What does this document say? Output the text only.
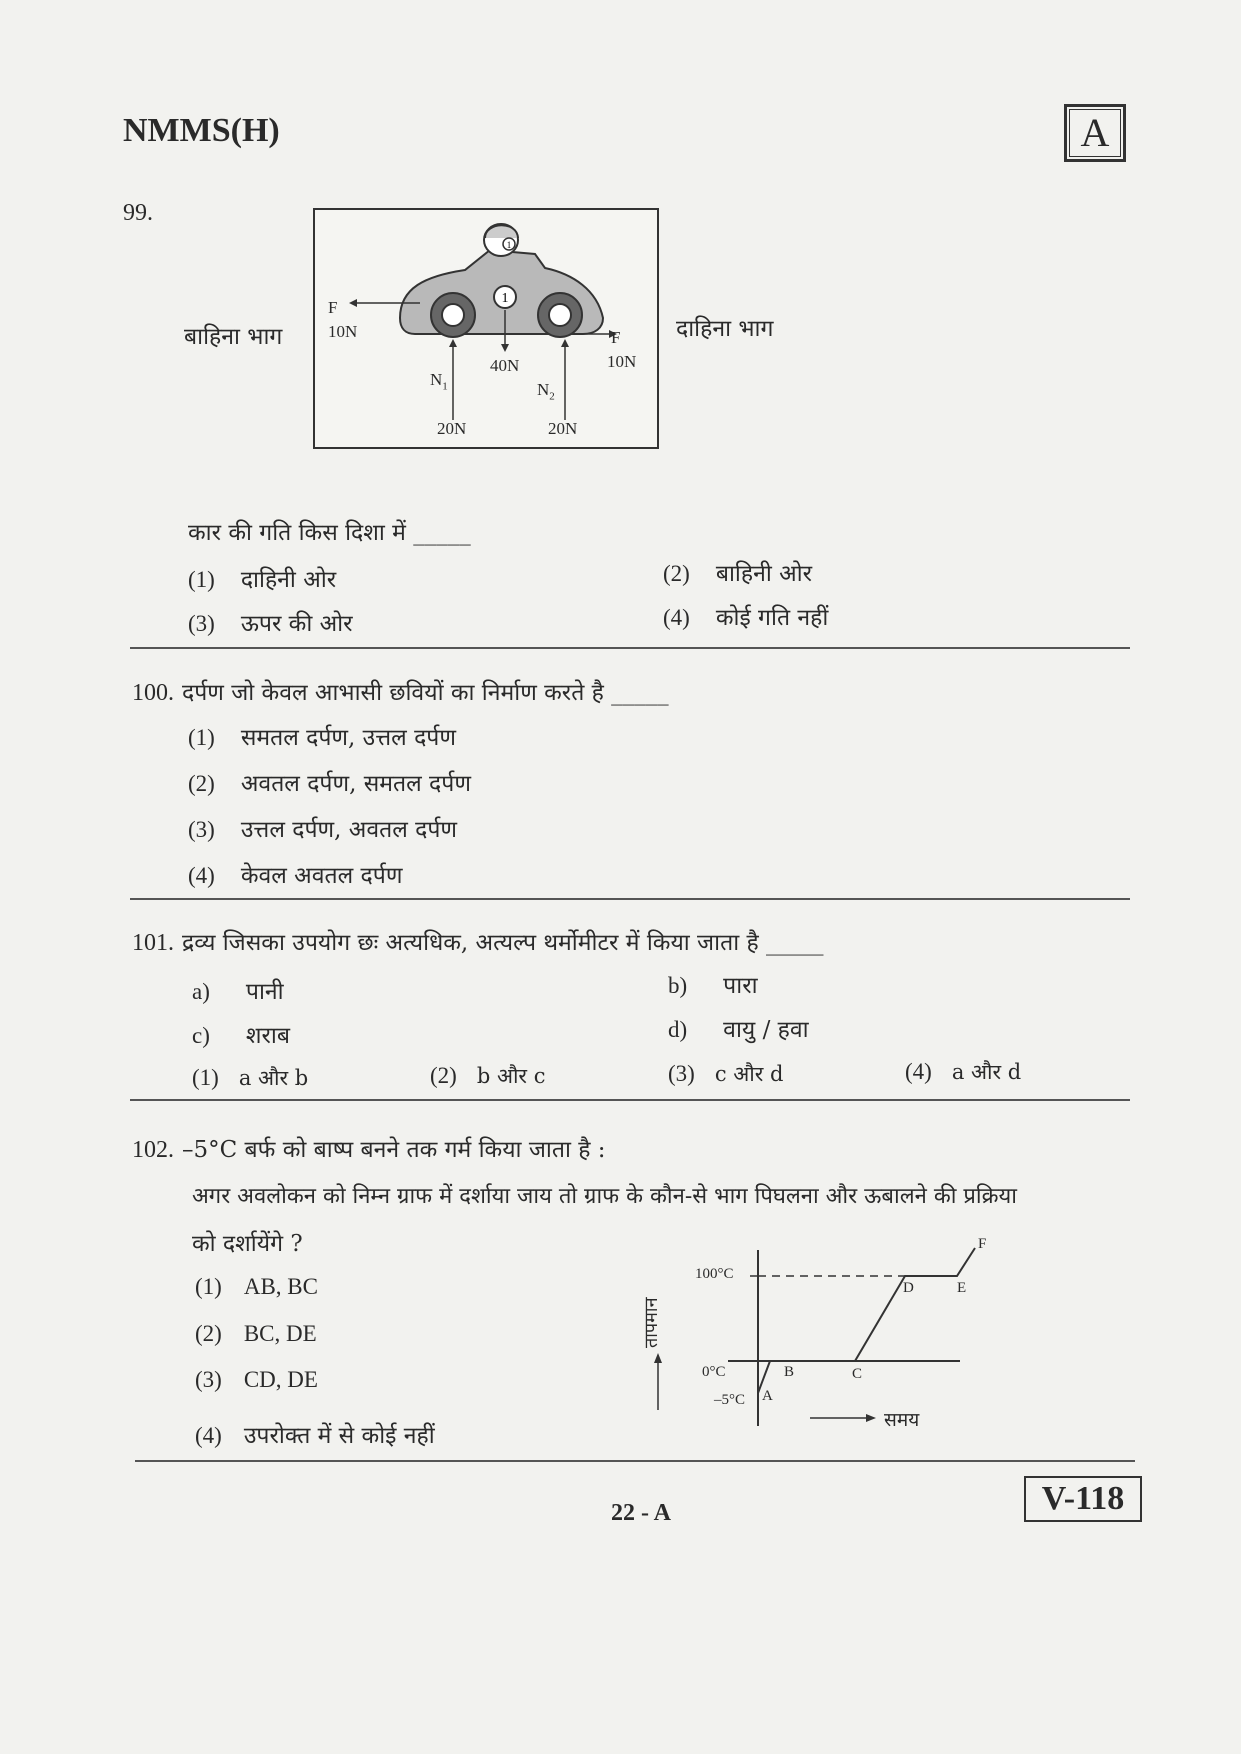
NMMS(H)	A
99.
बाहिना भाग	दाहिना भाग
1
1
F
10N	F
10N
40N
$N_1$
20N
$N_2$
20N
कार की गति किस दिशा में _____
(1) दाहिनी ओर	(2) बाहिनी ओर
(3) ऊपर की ओर	(4) कोई गति नहीं
100. दर्पण जो केवल आभासी छवियों का निर्माण करते है _____
(1) समतल दर्पण, उत्तल दर्पण
(2) अवतल दर्पण, समतल दर्पण
(3) उत्तल दर्पण, अवतल दर्पण
(4) केवल अवतल दर्पण
101. द्रव्य जिसका उपयोग छः अत्यधिक, अत्यल्प थर्मोमीटर में किया जाता है _____
a) पानी	b) पारा
c) शराब	d) वायु / हवा
(1) a और b	(2) b और c	(3) c और d	(4) a और d
102. –5°C बर्फ को बाष्प बनने तक गर्म किया जाता है :
अगर अवलोकन को निम्न ग्राफ में दर्शाया जाय तो ग्राफ के कौन-से भाग पिघलना और ऊबालने की प्रक्रिया
को दर्शायेंगे ?
(1) AB, BC
(2) BC, DE
(3) CD, DE
(4) उपरोक्त में से कोई नहीं
100°C
0°C
–5°C A
B	C
D	E
F
तापमान
समय
22 - A	V-118
